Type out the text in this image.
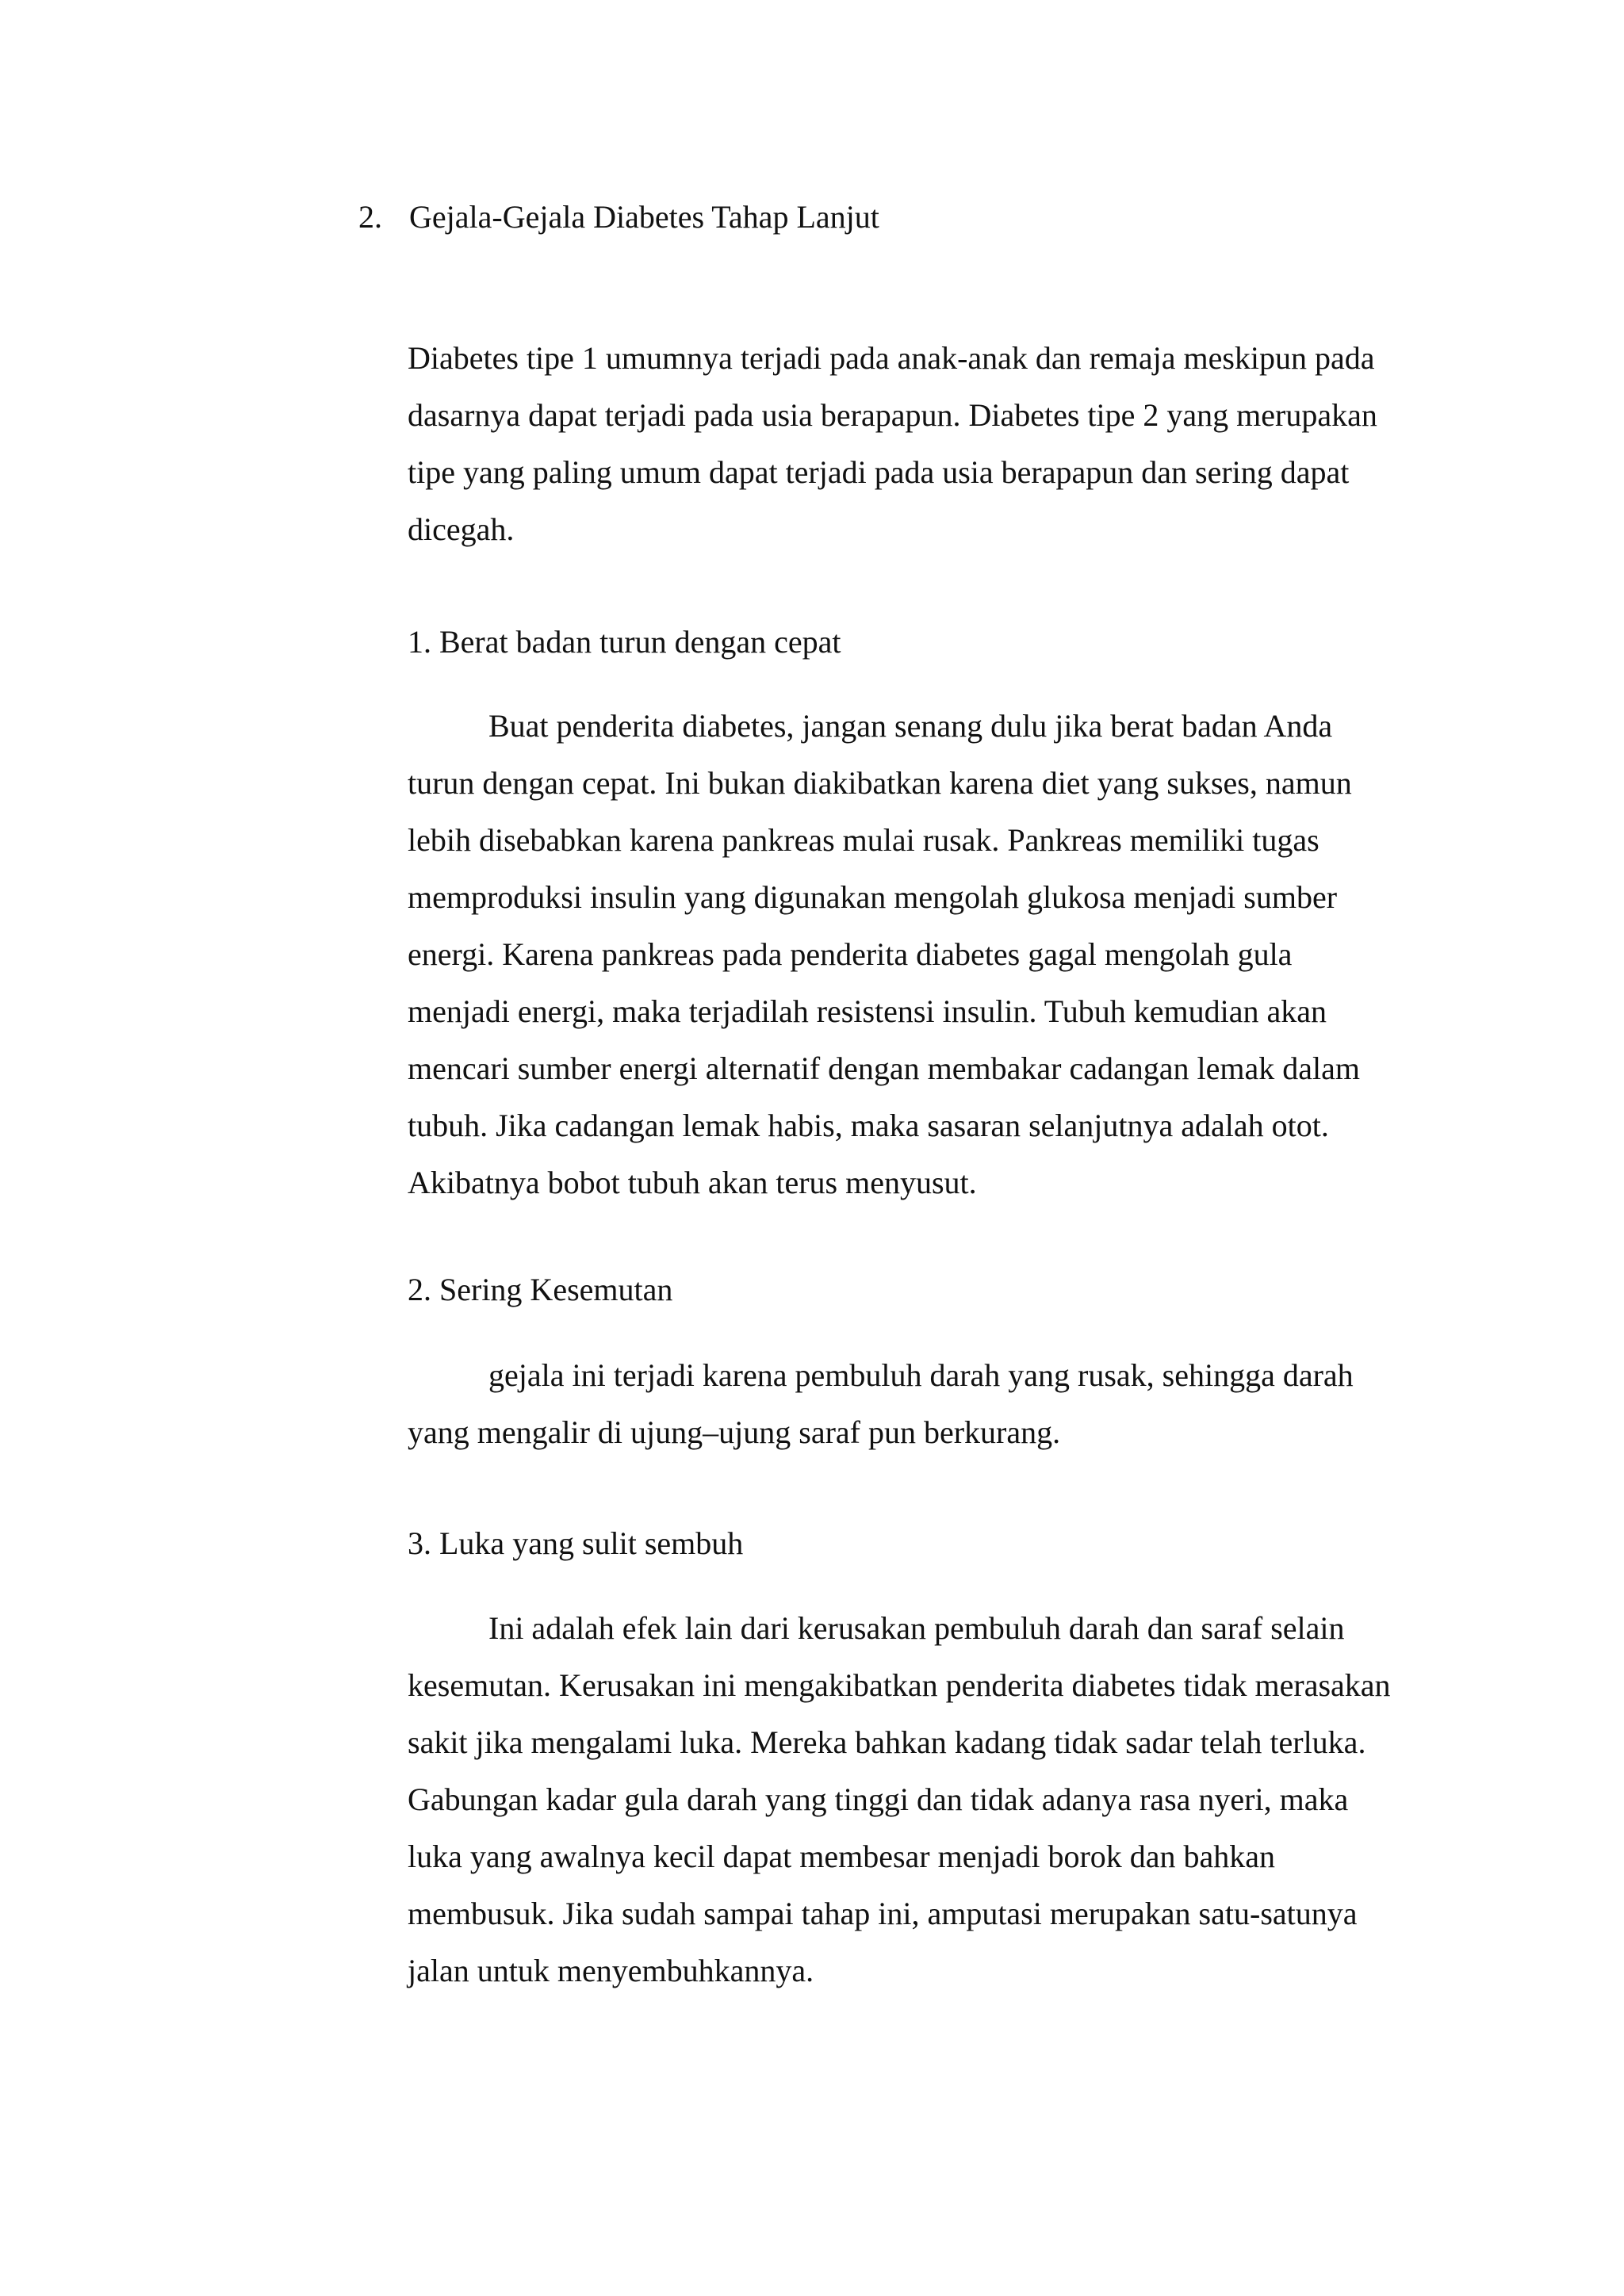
2. Gejala-Gejala Diabetes Tahap Lanjut

Diabetes tipe 1 umumnya terjadi pada anak-anak dan remaja meskipun pada
dasarnya dapat terjadi pada usia berapapun. Diabetes tipe 2 yang merupakan
tipe yang paling umum dapat terjadi pada usia berapapun dan sering dapat
dicegah.

1. Berat badan turun dengan cepat

Buat penderita diabetes, jangan senang dulu jika berat badan Anda
turun dengan cepat. Ini bukan diakibatkan karena diet yang sukses, namun
lebih disebabkan karena pankreas mulai rusak. Pankreas memiliki tugas
memproduksi insulin yang digunakan mengolah glukosa menjadi sumber
energi. Karena pankreas pada penderita diabetes gagal mengolah gula
menjadi energi, maka terjadilah resistensi insulin. Tubuh kemudian akan
mencari sumber energi alternatif dengan membakar cadangan lemak dalam
tubuh. Jika cadangan lemak habis, maka sasaran selanjutnya adalah otot.
Akibatnya bobot tubuh akan terus menyusut.

2. Sering Kesemutan

gejala ini terjadi karena pembuluh darah yang rusak, sehingga darah
yang mengalir di ujung–ujung saraf pun berkurang.

3. Luka yang sulit sembuh

Ini adalah efek lain dari kerusakan pembuluh darah dan saraf selain
kesemutan. Kerusakan ini mengakibatkan penderita diabetes tidak merasakan
sakit jika mengalami luka. Mereka bahkan kadang tidak sadar telah terluka.
Gabungan kadar gula darah yang tinggi dan tidak adanya rasa nyeri, maka
luka yang awalnya kecil dapat membesar menjadi borok dan bahkan
membusuk. Jika sudah sampai tahap ini, amputasi merupakan satu-satunya
jalan untuk menyembuhkannya.
